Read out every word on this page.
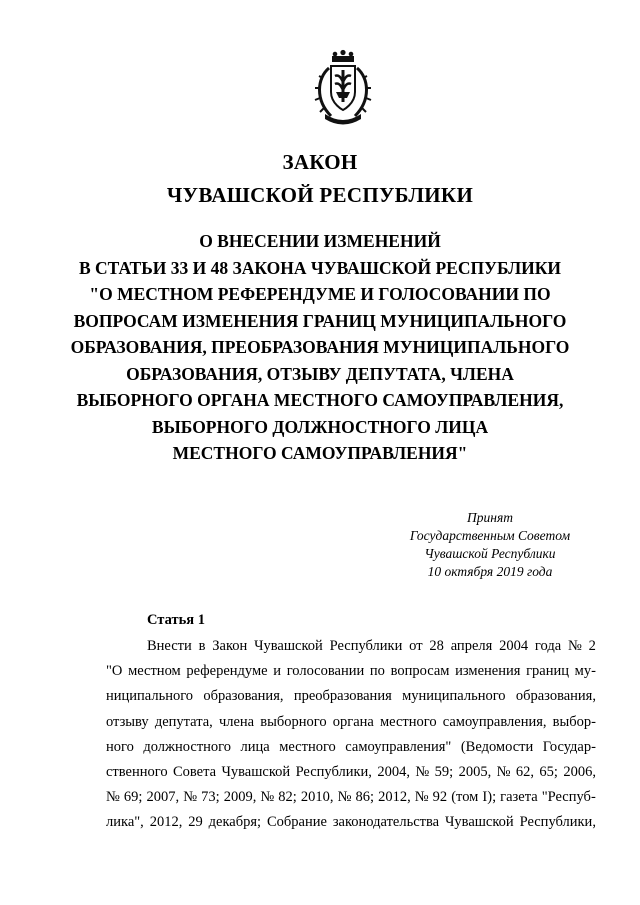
ЗАКОН
ЧУВАШСКОЙ РЕСПУБЛИКИ
О ВНЕСЕНИИ ИЗМЕНЕНИЙ
В СТАТЬИ 33 И 48 ЗАКОНА ЧУВАШСКОЙ РЕСПУБЛИКИ
"О МЕСТНОМ РЕФЕРЕНДУМЕ И ГОЛОСОВАНИИ ПО
ВОПРОСАМ ИЗМЕНЕНИЯ ГРАНИЦ МУНИЦИПАЛЬНОГО
ОБРАЗОВАНИЯ, ПРЕОБРАЗОВАНИЯ МУНИЦИПАЛЬНОГО
ОБРАЗОВАНИЯ, ОТЗЫВУ ДЕПУТАТА, ЧЛЕНА
ВЫБОРНОГО ОРГАНА МЕСТНОГО САМОУПРАВЛЕНИЯ,
ВЫБОРНОГО ДОЛЖНОСТНОГО ЛИЦА
МЕСТНОГО САМОУПРАВЛЕНИЯ"
Принят
Государственным Советом
Чувашской Республики
10 октября 2019 года
Статья 1
Внести в Закон Чувашской Республики от 28 апреля 2004 года № 2
"О местном референдуме и голосовании по вопросам изменения границ му-
ниципального образования, преобразования муниципального образования,
отзыву депутата, члена выборного органа местного самоуправления, выбор-
ного должностного лица местного самоуправления" (Ведомости Государ-
ственного Совета Чувашской Республики, 2004, № 59; 2005, № 62, 65; 2006,
№ 69; 2007, № 73; 2009, № 82; 2010, № 86; 2012, № 92 (том I); газета "Респуб-
лика", 2012, 29 декабря; Собрание законодательства Чувашской Республики,
